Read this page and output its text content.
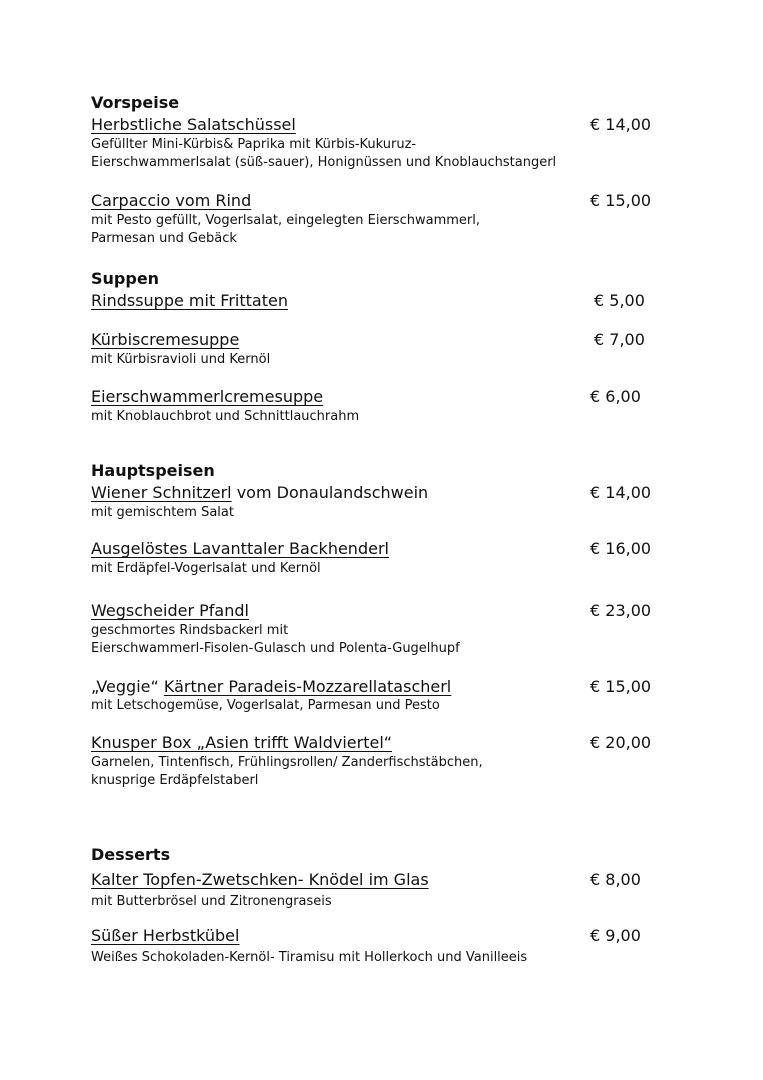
Vorspeise
Herbstliche Salatschüssel	€ 14,00
Gefüllter Mini-Kürbis& Paprika mit Kürbis-Kukuruz-
Eierschwammerlsalat (süß-sauer), Honignüssen und Knoblauchstangerl
Carpaccio vom Rind	€ 15,00
mit Pesto gefüllt, Vogerlsalat, eingelegten Eierschwammerl,
Parmesan und Gebäck
Suppen
Rindssuppe mit Frittaten	€ 5,00
Kürbiscremesuppe	€ 7,00
mit Kürbisravioli und Kernöl
Eierschwammerlcremesuppe	€ 6,00
mit Knoblauchbrot und Schnittlauchrahm
Hauptspeisen
Wiener Schnitzerl vom Donaulandschwein	€ 14,00
mit gemischtem Salat
Ausgelöstes Lavanttaler Backhenderl	€ 16,00
mit Erdäpfel-Vogerlsalat und Kernöl
Wegscheider Pfandl	€ 23,00
geschmortes Rindsbackerl mit
Eierschwammerl-Fisolen-Gulasch und Polenta-Gugelhupf
„Veggie“ Kärtner Paradeis-Mozzarellatascherl	€ 15,00
mit Letschogemüse, Vogerlsalat, Parmesan und Pesto
Knusper Box „Asien trifft Waldviertel“	€ 20,00
Garnelen, Tintenfisch, Frühlingsrollen/ Zanderfischstäbchen,
knusprige Erdäpfelstaberl
Desserts
Kalter Topfen-Zwetschken- Knödel im Glas	€ 8,00
mit Butterbrösel und Zitronengraseis
Süßer Herbstkübel	€ 9,00
Weißes Schokoladen-Kernöl- Tiramisu mit Hollerkoch und Vanilleeis
